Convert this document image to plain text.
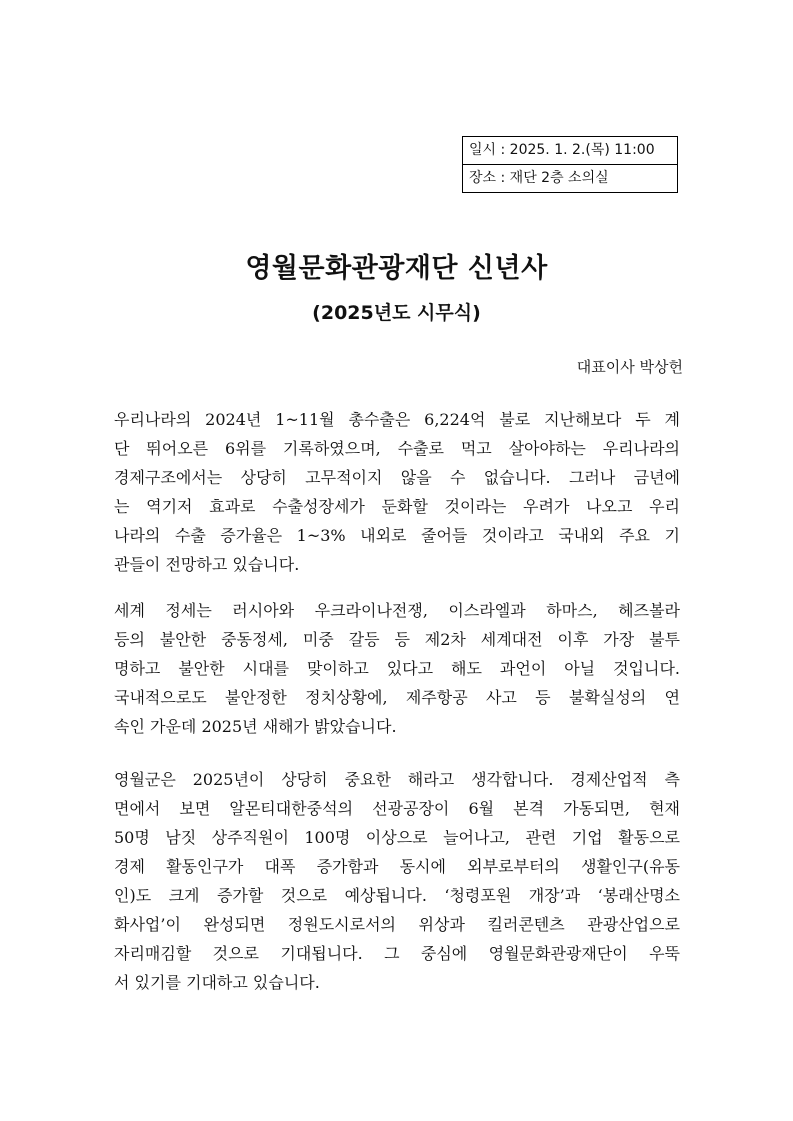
일시 : 2025. 1. 2.(목) 11:00
장소 : 재단 2층 소의실
영월문화관광재단 신년사
(2025년도 시무식)
대표이사 박상헌
우리나라의 2024년 1~11월 총수출은 6,224억 불로 지난해보다 두 계
단 뛰어오른 6위를 기록하였으며, 수출로 먹고 살아야하는 우리나라의
경제구조에서는 상당히 고무적이지 않을 수 없습니다. 그러나 금년에
는 역기저 효과로 수출성장세가 둔화할 것이라는 우려가 나오고 우리
나라의 수출 증가율은 1~3% 내외로 줄어들 것이라고 국내외 주요 기
관들이 전망하고 있습니다.
세계 정세는 러시아와 우크라이나전쟁, 이스라엘과 하마스, 헤즈볼라
등의 불안한 중동정세, 미중 갈등 등 제2차 세계대전 이후 가장 불투
명하고 불안한 시대를 맞이하고 있다고 해도 과언이 아닐 것입니다.
국내적으로도 불안정한 정치상황에, 제주항공 사고 등 불확실성의 연
속인 가운데 2025년 새해가 밝았습니다.
영월군은 2025년이 상당히 중요한 해라고 생각합니다. 경제산업적 측
면에서 보면 알몬티대한중석의 선광공장이 6월 본격 가동되면, 현재
50명 남짓 상주직원이 100명 이상으로 늘어나고, 관련 기업 활동으로
경제 활동인구가 대폭 증가함과 동시에 외부로부터의 생활인구(유동
인)도 크게 증가할 것으로 예상됩니다. ‘청령포원 개장’과 ‘봉래산명소
화사업’이 완성되면 정원도시로서의 위상과 킬러콘텐츠 관광산업으로
자리매김할 것으로 기대됩니다. 그 중심에 영월문화관광재단이 우뚝
서 있기를 기대하고 있습니다.
